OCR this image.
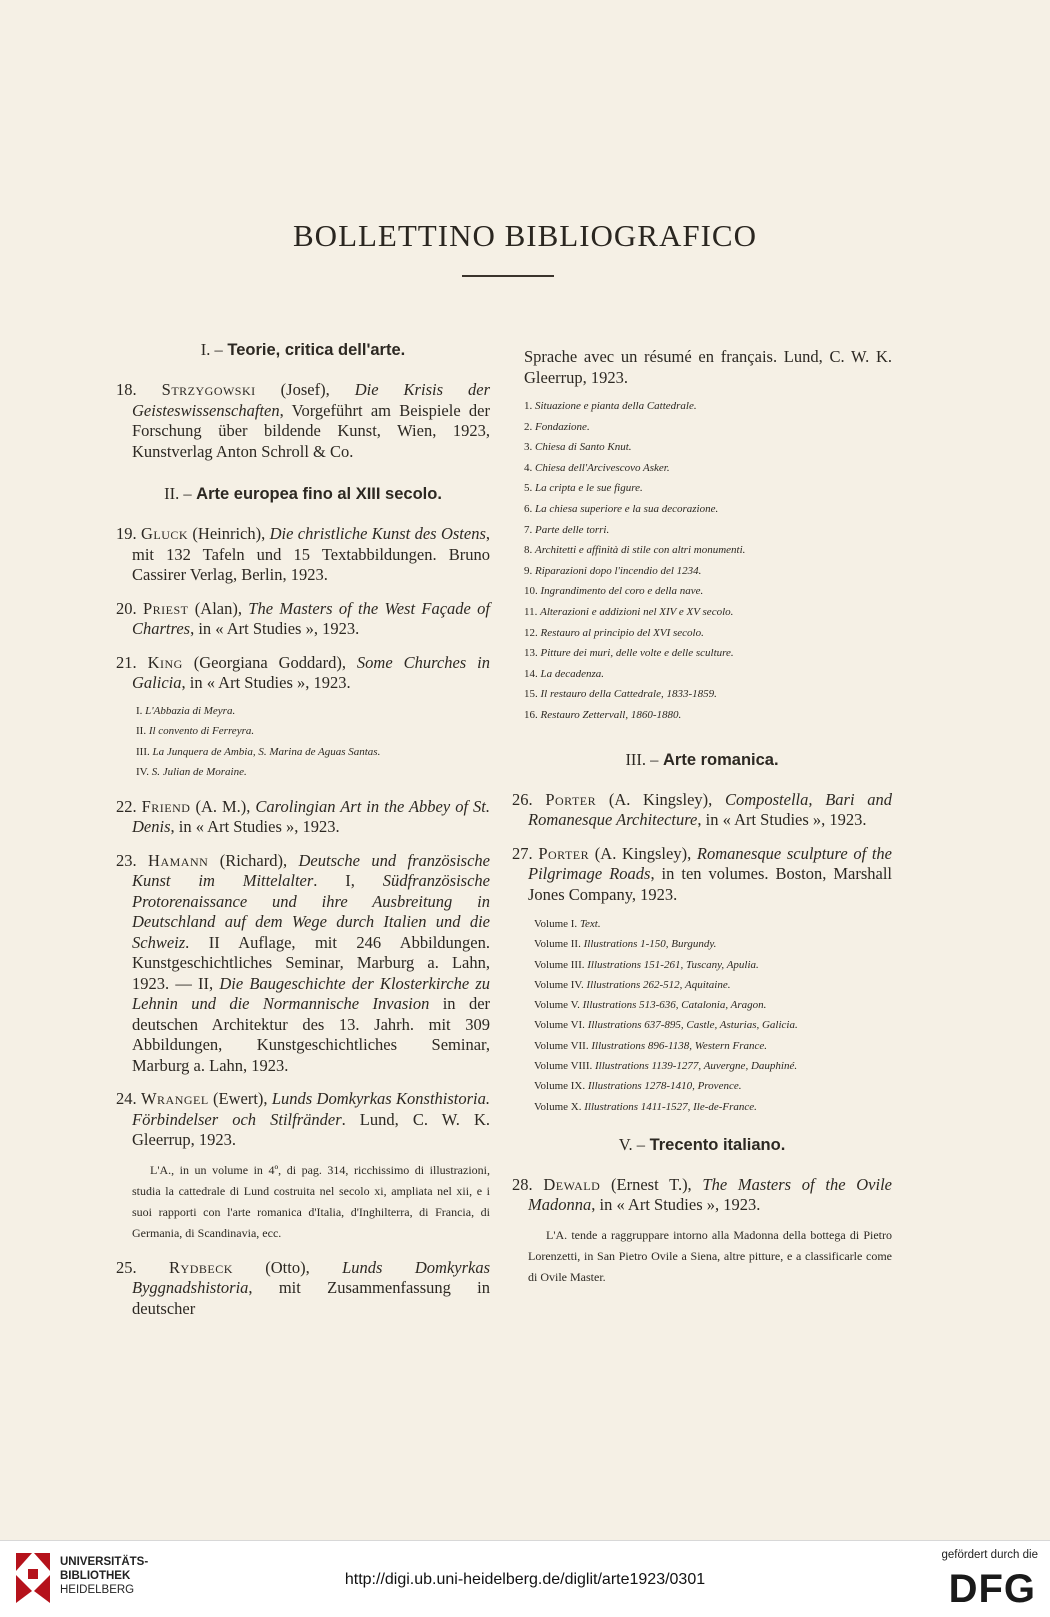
BOLLETTINO BIBLIOGRAFICO
I. – Teorie, critica dell'arte.
18. Strzygowski (Josef), Die Krisis der Geisteswissenschaften, Vorgeführt am Beispiele der Forschung über bildende Kunst, Wien, 1923, Kunstverlag Anton Schroll & Co.
II. – Arte europea fino al XIII secolo.
19. Gluck (Heinrich), Die christliche Kunst des Ostens, mit 132 Tafeln und 15 Textabbildungen. Bruno Cassirer Verlag, Berlin, 1923.
20. Priest (Alan), The Masters of the West Façade of Chartres, in « Art Studies », 1923.
21. King (Georgiana Goddard), Some Churches in Galicia, in « Art Studies », 1923.
I. L'Abbazia di Meyra.
II. Il convento di Ferreyra.
III. La Junquera de Ambia, S. Marina de Aguas Santas.
IV. S. Julian de Moraine.
22. Friend (A. M.), Carolingian Art in the Abbey of St. Denis, in « Art Studies », 1923.
23. Hamann (Richard), Deutsche und französische Kunst im Mittelalter. I, Südfranzösische Protorenaissance und ihre Ausbreitung in Deutschland auf dem Wege durch Italien und die Schweiz. II Auflage, mit 246 Abbildungen. Kunstgeschichtliches Seminar, Marburg a. Lahn, 1923. — II, Die Baugeschichte der Klosterkirche zu Lehnin und die Normannische Invasion in der deutschen Architektur des 13. Jahrh. mit 309 Abbildungen, Kunstgeschichtliches Seminar, Marburg a. Lahn, 1923.
24. Wrangel (Ewert), Lunds Domkyrkas Konsthistoria. Förbindelser och Stilfränder. Lund, C. W. K. Gleerrup, 1923.
L'A., in un volume in 4º, di pag. 314, ricchissimo di illustrazioni, studia la cattedrale di Lund costruita nel secolo xi, ampliata nel xii, e i suoi rapporti con l'arte romanica d'Italia, d'Inghilterra, di Francia, di Germania, di Scandinavia, ecc.
25. Rydbeck (Otto), Lunds Domkyrkas Byggnadshistoria, mit Zusammenfassung in deutscher
Sprache avec un résumé en français. Lund, C. W. K. Gleerrup, 1923.
1. Situazione e pianta della Cattedrale.
2. Fondazione.
3. Chiesa di Santo Knut.
4. Chiesa dell'Arcivescovo Asker.
5. La cripta e le sue figure.
6. La chiesa superiore e la sua decorazione.
7. Parte delle torri.
8. Architetti e affinità di stile con altri monumenti.
9. Riparazioni dopo l'incendio del 1234.
10. Ingrandimento del coro e della nave.
11. Alterazioni e addizioni nel XIV e XV secolo.
12. Restauro al principio del XVI secolo.
13. Pitture dei muri, delle volte e delle sculture.
14. La decadenza.
15. Il restauro della Cattedrale, 1833-1859.
16. Restauro Zettervall, 1860-1880.
III. – Arte romanica.
26. Porter (A. Kingsley), Compostella, Bari and Romanesque Architecture, in « Art Studies », 1923.
27. Porter (A. Kingsley), Romanesque sculpture of the Pilgrimage Roads, in ten volumes. Boston, Marshall Jones Company, 1923.
Volume I. Text.
Volume II. Illustrations 1-150, Burgundy.
Volume III. Illustrations 151-261, Tuscany, Apulia.
Volume IV. Illustrations 262-512, Aquitaine.
Volume V. Illustrations 513-636, Catalonia, Aragon.
Volume VI. Illustrations 637-895, Castle, Asturias, Galicia.
Volume VII. Illustrations 896-1138, Western France.
Volume VIII. Illustrations 1139-1277, Auvergne, Dauphiné.
Volume IX. Illustrations 1278-1410, Provence.
Volume X. Illustrations 1411-1527, Ile-de-France.
V. – Trecento italiano.
28. Dewald (Ernest T.), The Masters of the Ovile Madonna, in « Art Studies », 1923.
L'A. tende a raggruppare intorno alla Madonna della bottega di Pietro Lorenzetti, in San Pietro Ovile a Siena, altre pitture, e a classificarle come di Ovile Master.
UNIVERSITÄTS-
BIBLIOTHEK
HEIDELBERG
http://digi.ub.uni-heidelberg.de/diglit/arte1923/0301
gefördert durch die
DFG
